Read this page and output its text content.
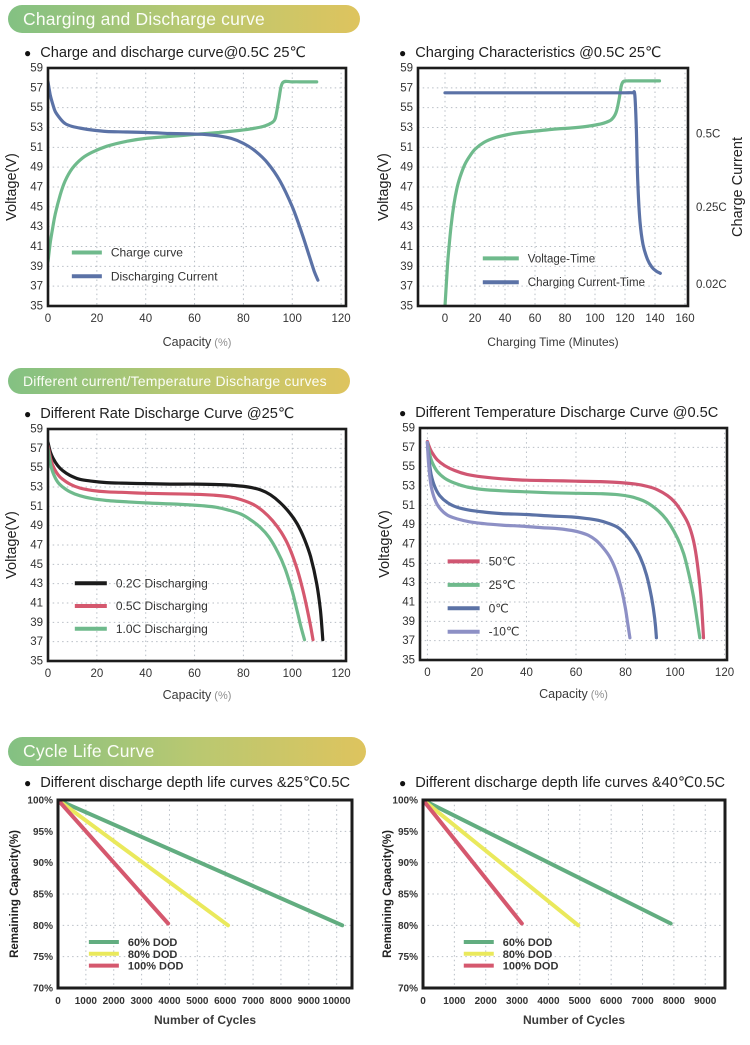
Charging and Discharge curve
● Charge and discharge curve@0.5C 25℃
35
37
39
41
43
45
47
49
51
53
55
57
59
0	20	40	60	80	100	120
Capacity (%)
Voltage(V)
Charge curve
Discharging Current
● Charging Characteristics @0.5C 25℃
35
37
39
41
43
45
47
49
51
53
55
57
59
0 20 40 60 80 100 120 140 160
Charging Time (Minutes)
Voltage(V)
0.5C
0.25C
0.02C
Charge Current
Voltage-Time
Charging Current-Time
Different current/Temperature Discharge curves
● Different Rate Discharge Curve @25℃
35
37
39
41
43
45
47
49
51
53
55
57
59
0	20	40	60	80	100	120
Capacity (%)
Voltage(V)
0.2C Discharging
0.5C Discharging
1.0C Discharging
● Different Temperature Discharge Curve @0.5C
35
37
39
41
43
45
47
49
51
53
55
57
59
0	20	40	60	80	100	120
Capacity (%)
Voltage(V)	50℃
25℃
0℃
-10℃
Cycle Life Curve
● Different discharge depth life curves &25℃0.5C
70%
75%
80%
85%
90%
95%
100%
0 1000 2000 3000 4000 5000 6000 7000 8000 9000 10000
Number of Cycles
Remaining Capacity(%)	60% DOD
80% DOD
100% DOD
● Different discharge depth life curves &40℃0.5C
70%
75%
80%
85%
90%
95%
100%
0 1000 2000 3000 4000 5000 6000 7000 8000 9000
Number of Cycles
Remaining Capacity(%)	60% DOD
80% DOD
100% DOD
